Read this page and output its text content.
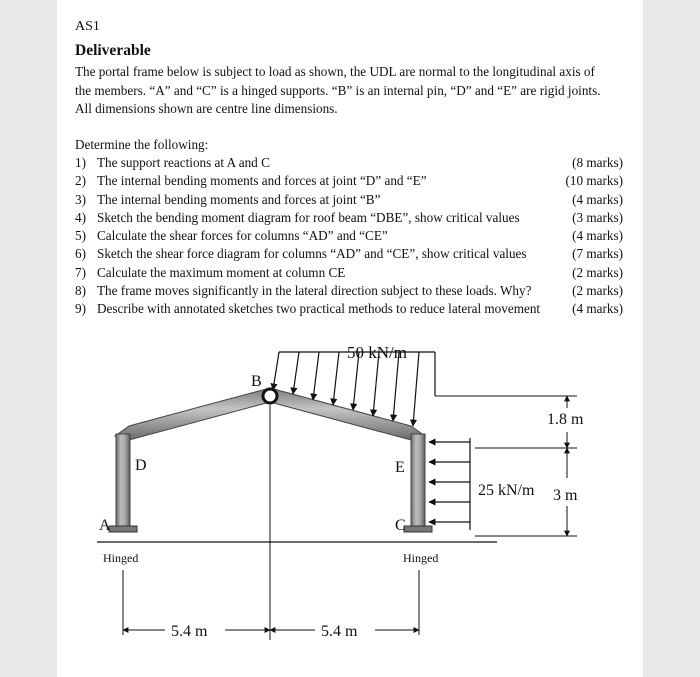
AS1
Deliverable
The portal frame below is subject to load as shown, the UDL are normal to the longitudinal axis of
the members. “A” and “C” is a hinged supports. “B” is an internal pin, “D” and “E” are rigid joints.
All dimensions shown are centre line dimensions.
Determine the following:
1) The support reactions at A and C	(8 marks)
2) The internal bending moments and forces at joint “D” and “E”	(10 marks)
3) The internal bending moments and forces at joint “B”	(4 marks)
4) Sketch the bending moment diagram for roof beam “DBE”, show critical values	(3 marks)
5) Calculate the shear forces for columns “AD” and “CE”	(4 marks)
6) Sketch the shear force diagram for columns “AD” and “CE”, show critical values	(7 marks)
7) Calculate the maximum moment at column CE	(2 marks)
8) The frame moves significantly in the lateral direction subject to these loads. Why?	(2 marks)
9) Describe with annotated sketches two practical methods to reduce lateral movement (4 marks)
50 kN/m
25 kN/m
1.8 m
3 m
5.4 m	5.4 m
A
B
C
D	E
Hinged	Hinged
